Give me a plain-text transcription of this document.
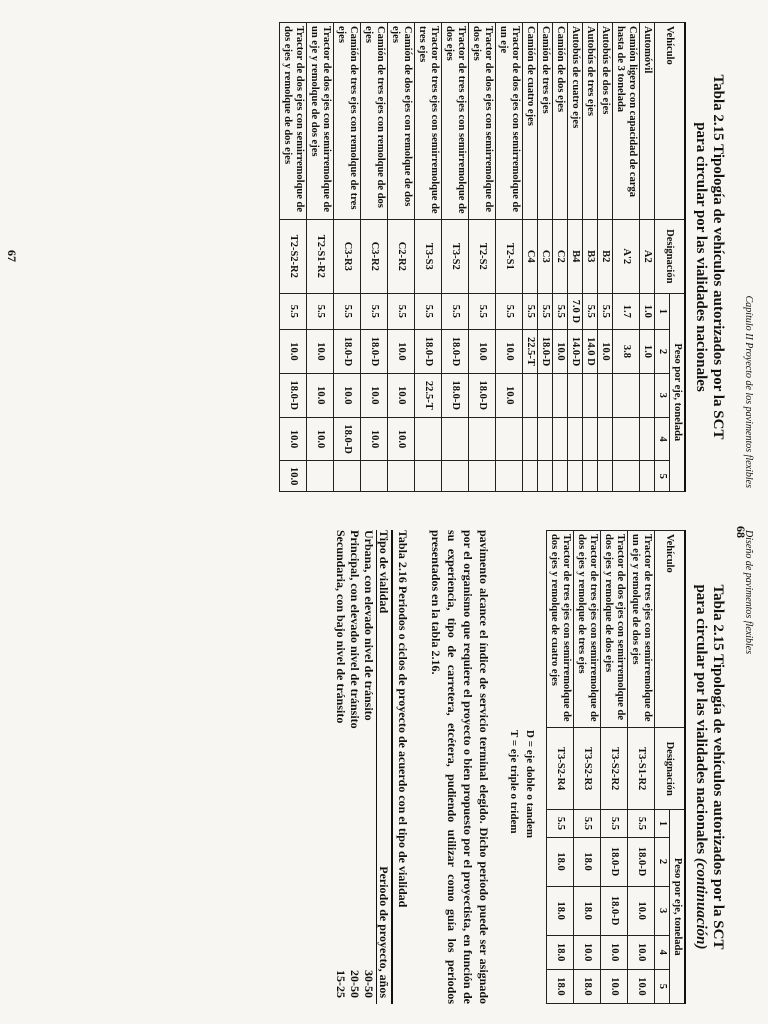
Capítulo II Proyecto de los pavimentos flexibles
Tabla 2.15 Tipología de vehículos autorizados por la SCT
para circular por las vialidades nacionales
Vehículo	Designación	Peso por eje, tonelada				
		1	2	3	4	5
Automóvil	A2	1.0	1.0			
Camión ligero con capacidad de carga hasta de 3 tonelada	A'2	1.7	3.8			
Autobús de dos ejes	B2	5.5	10.0			
Autobús de tres ejes	B3	5.5	14.0 D			
Autobús de cuatro ejes	B4	7.0 D	14.0-D			
Camión de dos ejes	C2	5.5	10.0			
Camión de tres ejes	C3	5.5	18.0-D			
Camión de cuatro ejes	C4	5.5	22.5-T			
Tractor de dos ejes con semirremolque de un eje	T2-S1	5.5	10.0	10.0		
Tractor de dos ejes con semirremolque de dos ejes	T2-S2	5.5	10.0	18.0-D		
Tractor de tres ejes con semirremolque de dos ejes	T3-S2	5.5	18.0-D	18.0-D		
Tractor de tres ejes con semirremolque de tres ejes	T3-S3	5.5	18.0-D	22.5-T		
Camión de dos ejes con remolque de dos ejes	C2-R2	5.5	10.0	10.0	10.0	
Camión de tres ejes con remolque de dos ejes	C3-R2	5.5	18.0-D	10.0	10.0	
Camión de tres ejes con remolque de tres ejes	C3-R3	5.5	18.0-D	10.0	18.0-D	
Tractor de dos ejes con semirremolque de un eje y remolque de dos ejes	T2-S1-R2	5.5	10.0	10.0	10.0	
Tractor de dos ejes con semirremolque de dos ejes y remolque de dos ejes	T2-S2-R2	5.5	10.0	18.0-D	10.0	10.0
67
Diseño de pavimentos flexibles
Tabla 2.15 Tipología de vehículos autorizados por la SCT
para circular por las vialidades nacionales (continuación)
Vehículo	Designación	Peso por eje, tonelada				
		1	2	3	4	5
Tractor de tres ejes con semirremolque de un eje y remolque de dos ejes	T3-S1-R2	5.5	18.0-D	10.0	10.0	10.0
Tractor de dos ejes con semirremolque de dos ejes y remolque de dos ejes	T3-S2-R2	5.5	18.0-D	18.0-D	10.0	10.0
Tractor de tres ejes con semirremolque de dos ejes y remolque de tres ejes	T3-S2-R3	5.5	18.0	18.0	10.0	18.0
Tractor de tres ejes con semirremolque de dos ejes y remolque de cuatro ejes	T3-S2-R4	5.5	18.0	18.0	18.0	18.0
D = eje doble o tandem
T = eje triple o tridem
pavimento alcance el índice de servicio terminal elegido. Dicho periodo puede ser asignado por el organismo que requiere el proyecto o bien propuesto por el proyectista, en función de su experiencia, tipo de carretera, etcétera, pudiendo utilizar como guía los periodos presentados en la tabla 2.16.
Tabla 2.16 Periodos o ciclos de proyecto de acuerdo con el tipo de vialidad
Tipo de vialidad	Periodo de proyecto, años
Urbana, con elevado nivel de tránsito	30-50
Principal, con elevado nivel de tránsito	20-50
Secundaria, con bajo nivel de tránsito	15-25
68
